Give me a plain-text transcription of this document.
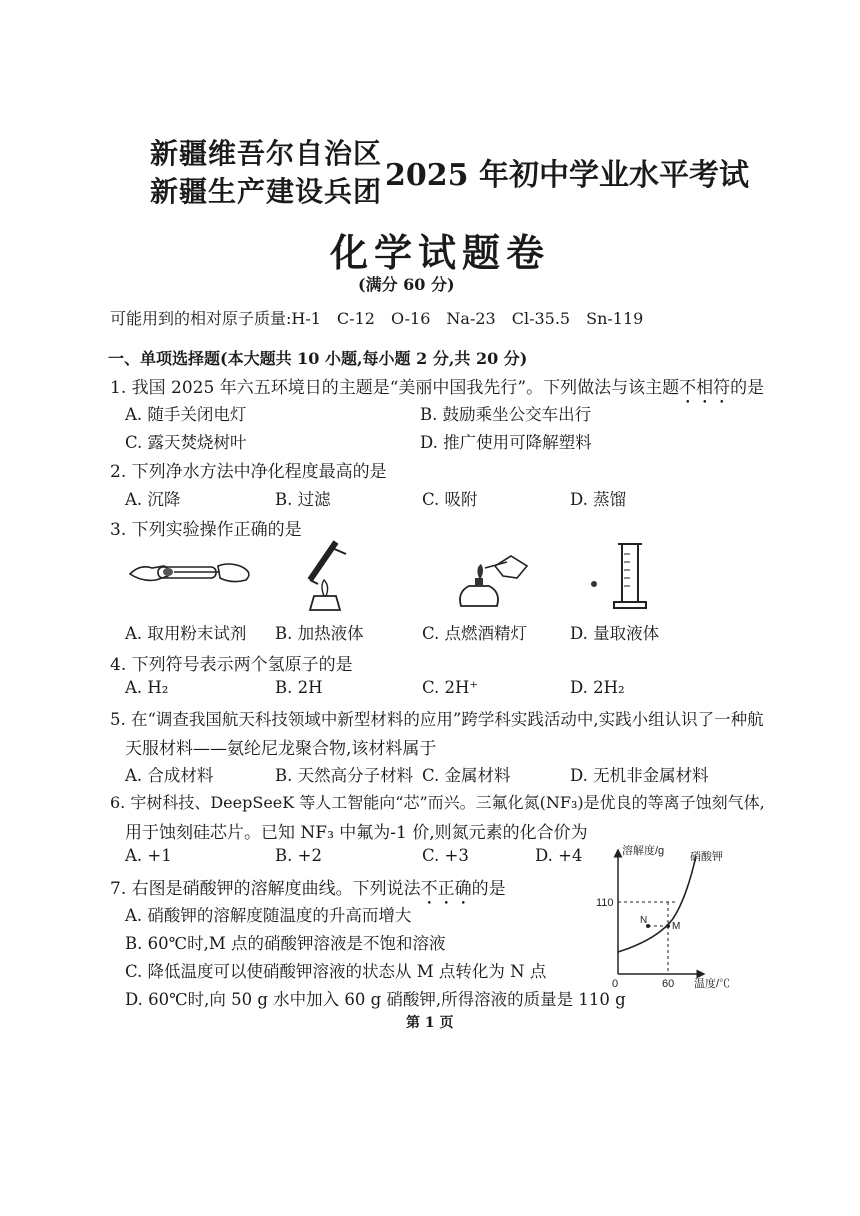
新疆维吾尔自治区
新疆生产建设兵团 2025 年初中学业水平考试
化学试题卷
(满分 60 分)
可能用到的相对原子质量:H-1　C-12　O-16　Na-23　Cl-35.5　Sn-119
一、单项选择题(本大题共 10 小题,每小题 2 分,共 20 分)
1. 我国 2025 年六五环境日的主题是“美丽中国我先行”。下列做法与该主题不相符的是
A. 随手关闭电灯	B. 鼓励乘坐公交车出行
C. 露天焚烧树叶	D. 推广使用可降解塑料
2. 下列净水方法中净化程度最高的是
A. 沉降	B. 过滤	C. 吸附	D. 蒸馏
3. 下列实验操作正确的是
A. 取用粉末试剂 B. 加热液体	C. 点燃酒精灯	D. 量取液体
4. 下列符号表示两个氢原子的是
A. H₂	B. 2H	C. 2H⁺	D. 2H₂
5. 在“调查我国航天科技领域中新型材料的应用”跨学科实践活动中,实践小组认识了一种航
天服材料——氨纶尼龙聚合物,该材料属于
A. 合成材料	B. 天然高分子材料 C. 金属材料	D. 无机非金属材料
6. 宇树科技、DeepSeeK 等人工智能向“芯”而兴。三氟化氮(NF₃)是优良的等离子蚀刻气体,
用于蚀刻硅芯片。已知 NF₃ 中氟为-1 价,则氮元素的化合价为
A. +1	B. +2	C. +3	D. +4
7. 右图是硝酸钾的溶解度曲线。下列说法不正确的是
A. 硝酸钾的溶解度随温度的升高而增大
B. 60℃时,M 点的硝酸钾溶液是不饱和溶液
C. 降低温度可以使硝酸钾溶液的状态从 M 点转化为 N 点
D. 60℃时,向 50 g 水中加入 60 g 硝酸钾,所得溶液的质量是 110 g
溶解度/g 硝酸钾
110
60
0
N
M
温度/℃
第 1 页
